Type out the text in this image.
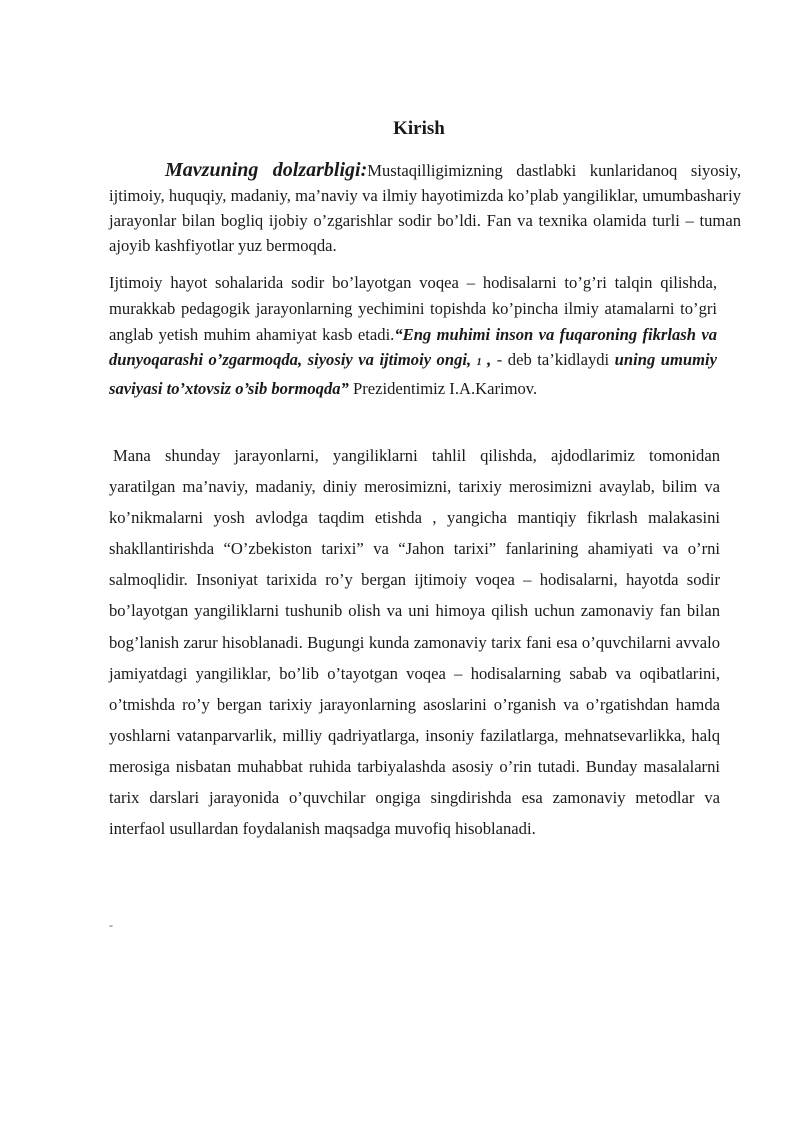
Kirish

Mavzuning dolzarbligi:Mustaqilligimizning dastlabki kunlaridanoq siyosiy, ijtimoiy, huquqiy, madaniy, ma’naviy va ilmiy hayotimizda ko’plab yangiliklar, umumbashariy jarayonlar bilan bogliq ijobiy o’zgarishlar sodir bo’ldi. Fan va texnika olamida turli – tuman ajoyib kashfiyotlar yuz bermoqda.

Ijtimoiy hayot sohalarida sodir bo’layotgan voqea – hodisalarni to’g’ri talqin qilishda, murakkab pedagogik jarayonlarning yechimini topishda ko’pincha ilmiy atamalarni to’gri anglab yetish muhim ahamiyat kasb etadi.“Eng muhimi inson va fuqaroning fikrlash va dunyoqarashi o’zgarmoqda, siyosiy va ijtimoiy ongi, 1 , - deb ta’kidlaydi uning umumiy saviyasi to’xtovsiz o’sib bormoqda” Prezidentimiz I.A.Karimov.

Mana shunday jarayonlarni, yangiliklarni tahlil qilishda, ajdodlarimiz tomonidan yaratilgan ma’naviy, madaniy, diniy merosimizni, tarixiy merosimizni avaylab, bilim va ko’nikmalarni yosh avlodga taqdim etishda , yangicha mantiqiy fikrlash malakasini shakllantirishda “O’zbekiston tarixi” va “Jahon tarixi” fanlarining ahamiyati va o’rni salmoqlidir. Insoniyat tarixida ro’y bergan ijtimoiy voqea – hodisalarni, hayotda sodir bo’layotgan yangiliklarni tushunib olish va uni himoya qilish uchun zamonaviy fan bilan bog’lanish zarur hisoblanadi. Bugungi kunda zamonaviy tarix fani esa o’quvchilarni avvalo jamiyatdagi yangiliklar, bo’lib o’tayotgan voqea – hodisalarning sabab va oqibatlarini, o’tmishda ro’y bergan tarixiy jarayonlarning asoslarini o’rganish va o’rgatishdan hamda yoshlarni vatanparvarlik, milliy qadriyatlarga, insoniy fazilatlarga, mehnatsevarlikka, halq merosiga nisbatan muhabbat ruhida tarbiyalashda asosiy o’rin tutadi. Bunday masalalarni tarix darslari jarayonida o’quvchilar ongiga singdirishda esa zamonaviy metodlar va interfaol usullardan foydalanish maqsadga muvofiq hisoblanadi.

-
